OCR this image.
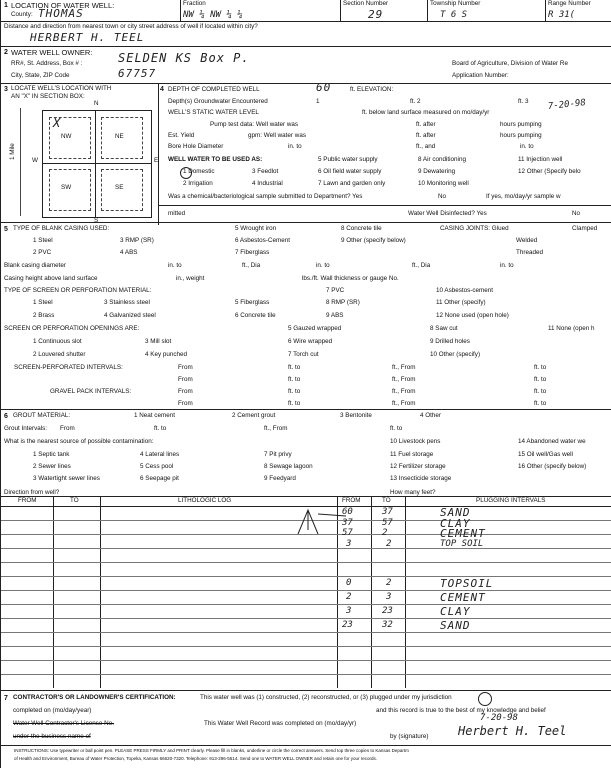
1 LOCATION OF WATER WELL:
County: THOMAS
Fraction
NW ¼ NW ¼ ¼
Section Number
29
Township Number
T 6 S
Range Number
R 31(
Distance and direction from nearest town or city street address of well if located within city?
HERBERT H. TEEL
2 WATER WELL OWNER:
RR#, St. Address, Box # :	SELDEN KS Box P.
City, State, ZIP Code	67757
Board of Agriculture, Division of Water Re
Application Number:
3 LOCATE WELL'S LOCATION WITH
AN "X" IN SECTION BOX:
4
N
S
E
W
1 Mile
NW	NE
SW	SE
X
DEPTH OF COMPLETED WELL	60	ft. ELEVATION:
Depth(s) Groundwater Encountered	1	ft. 2	ft. 3
WELL'S STATIC WATER LEVEL	ft. below land surface measured on mo/day/yr
7-20-98
Pump test data: Well water was	ft. after	hours pumping
Est. Yield	gpm: Well water was	ft. after	hours pumping
Bore Hole Diameter	in. to	ft., and	in. to
WELL WATER TO BE USED AS:
1 Domestic
2 Irrigation
3 Feedlot
4 Industrial
5 Public water supply
6 Oil field water supply
7 Lawn and garden only
8 Air conditioning
9 Dewatering
10 Monitoring well
11 Injection well
12 Other (Specify belo
Was a chemical/bacteriological sample submitted to Department? Yes	No	If yes, mo/day/yr sample w
mitted	Water Well Disinfected? Yes	No
5 TYPE OF BLANK CASING USED:
1 Steel
2 PVC
3 RMP (SR)
4 ABS
5 Wrought iron
6 Asbestos-Cement
7 Fiberglass
8 Concrete tile
9 Other (specify below)
CASING JOINTS: Glued	Clamped
Welded
Threaded
Blank casing diameter	in. to	ft., Dia	in. to	ft., Dia	in. to
Casing height above land surface	in., weight	lbs./ft. Wall thickness or gauge No.
TYPE OF SCREEN OR PERFORATION MATERIAL:
1 Steel
2 Brass
3 Stainless steel
4 Galvanized steel
5 Fiberglass
6 Concrete tile
7 PVC
8 RMP (SR)
9 ABS
10 Asbestos-cement
11 Other (specify)
12 None used (open hole)
SCREEN OR PERFORATION OPENINGS ARE:
1 Continuous slot
2 Louvered shutter
3 Mill slot
4 Key punched
5 Gauzed wrapped
6 Wire wrapped
7 Torch cut
8 Saw cut
9 Drilled holes
10 Other (specify)
11 None (open h
SCREEN-PERFORATED INTERVALS:	From	ft. to	ft., From	ft. to
From	ft. to	ft., From	ft. to
GRAVEL PACK INTERVALS:	From	ft. to	ft., From	ft. to
From	ft. to	ft., From	ft. to
6 GROUT MATERIAL:	1 Neat cement	2 Cement grout	3 Bentonite	4 Other
Grout Intervals: From	ft. to	ft., From	ft. to
What is the nearest source of possible contamination:
1 Septic tank
2 Sewer lines
3 Watertight sewer lines
4 Lateral lines
5 Cess pool
6 Seepage pit
7 Pit privy
8 Sewage lagoon
9 Feedyard
10 Livestock pens
11 Fuel storage
12 Fertilizer storage
13 Insecticide storage
14 Abandoned water we
15 Oil well/Gas well
16 Other (specify below)
Direction from well?	How many feet?
FROM	TO	LITHOLOGIC LOG	FROM	TO	PLUGGING INTERVALS
60	37	SAND
37	57	CLAY
57	2	CEMENT
3	2	TOP SOIL
0	2	TOPSOIL
2	3	CEMENT
3	23	CLAY
23	32	SAND
7 CONTRACTOR'S OR LANDOWNER'S CERTIFICATION:	This water well was (1) constructed, (2) reconstructed, or (3) plugged under my jurisdiction
completed on (mo/day/year)	and this record is true to the best of my knowledge and belief
Water Well Contractor's License No.	This Water Well Record was completed on (mo/day/yr)
7-20-98
under the business name of	by (signature) Herbert H. Teel
INSTRUCTIONS: Use typewriter or ball point pen. PLEASE PRESS FIRMLY and PRINT clearly. Please fill in blanks, underline or circle the correct answers. Send top three copies to Kansas Departm
of Health and Environment, Bureau of Water Protection, Topeka, Kansas 66620-7320. Telephone: 913-296-5514. Send one to WATER WELL OWNER and retain one for your records.
